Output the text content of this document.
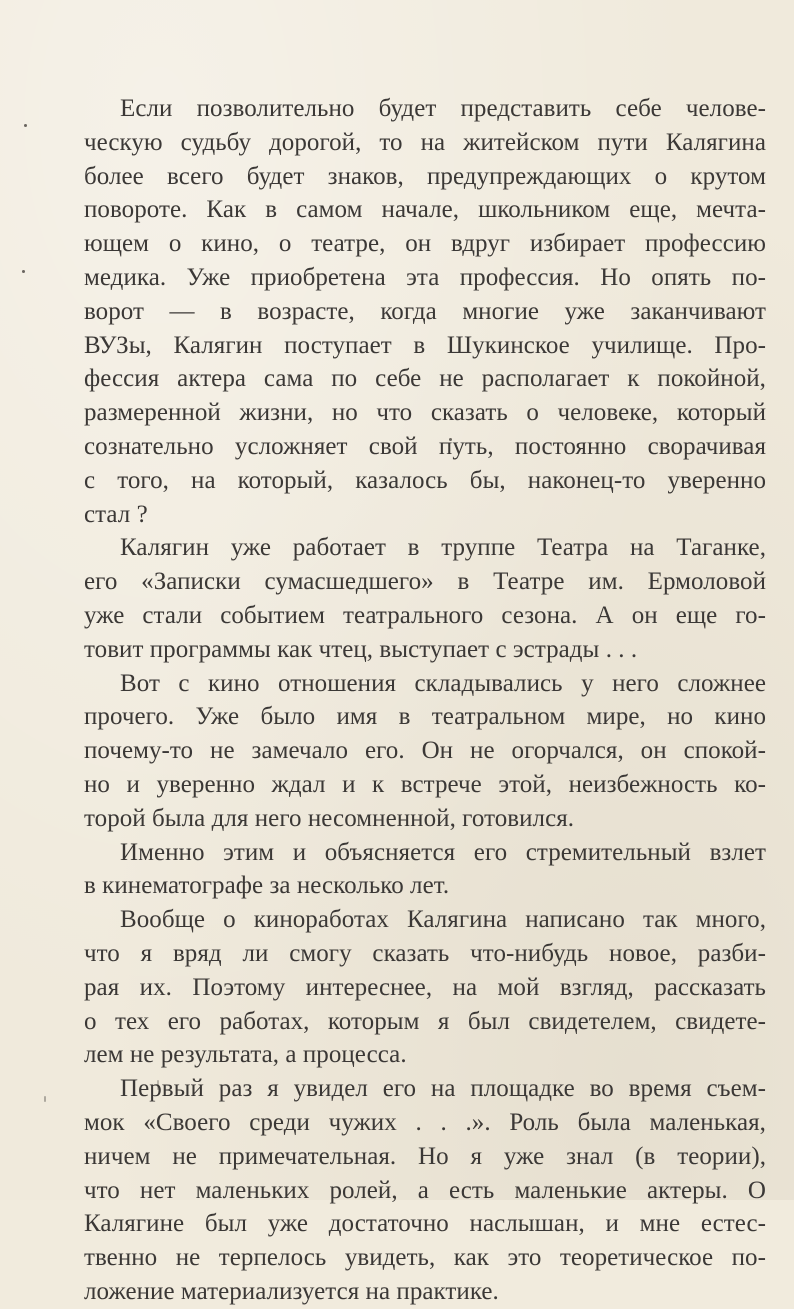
Если позволительно будет представить себе челове-
ческую судьбу дорогой, то на житейском пути Калягина
более всего будет знаков, предупреждающих о крутом
повороте. Как в самом начале, школьником еще, мечта-
ющем о кино, о театре, он вдруг избирает профессию
медика. Уже приобретена эта профессия. Но опять по-
ворот — в возрасте, когда многие уже заканчивают
ВУЗы, Калягин поступает в Шукинское училище. Про-
фессия актера сама по себе не располагает к покойной,
размеренной жизни, но что сказать о человеке, который
сознательно усложняет свой путь, постоянно сворачивая
с того, на который, казалось бы, наконец-то уверенно
стал ?
Калягин уже работает в труппе Театра на Таганке,
его «Записки сумасшедшего» в Театре им. Ермоловой
уже стали событием театрального сезона. А он еще го-
товит программы как чтец, выступает с эстрады . . .
Вот с кино отношения складывались у него сложнее
прочего. Уже было имя в театральном мире, но кино
почему-то не замечало его. Он не огорчался, он спокой-
но и уверенно ждал и к встрече этой, неизбежность ко-
торой была для него несомненной, готовился.
Именно этим и объясняется его стремительный взлет
в кинематографе за несколько лет.
Вообще о киноработах Калягина написано так много,
что я вряд ли смогу сказать что-нибудь новое, разби-
рая их. Поэтому интереснее, на мой взгляд, рассказать
о тех его работах, которым я был свидетелем, свидете-
лем не результата, а процесса.
Первый раз я увидел его на площадке во время съем-
мок «Своего среди чужих . . .». Роль была маленькая,
ничем не примечательная. Но я уже знал (в теории),
что нет маленьких ролей, а есть маленькие актеры. О
Калягине был уже достаточно наслышан, и мне естес-
твенно не терпелось увидеть, как это теоретическое по-
ложение материализуется на практике.
